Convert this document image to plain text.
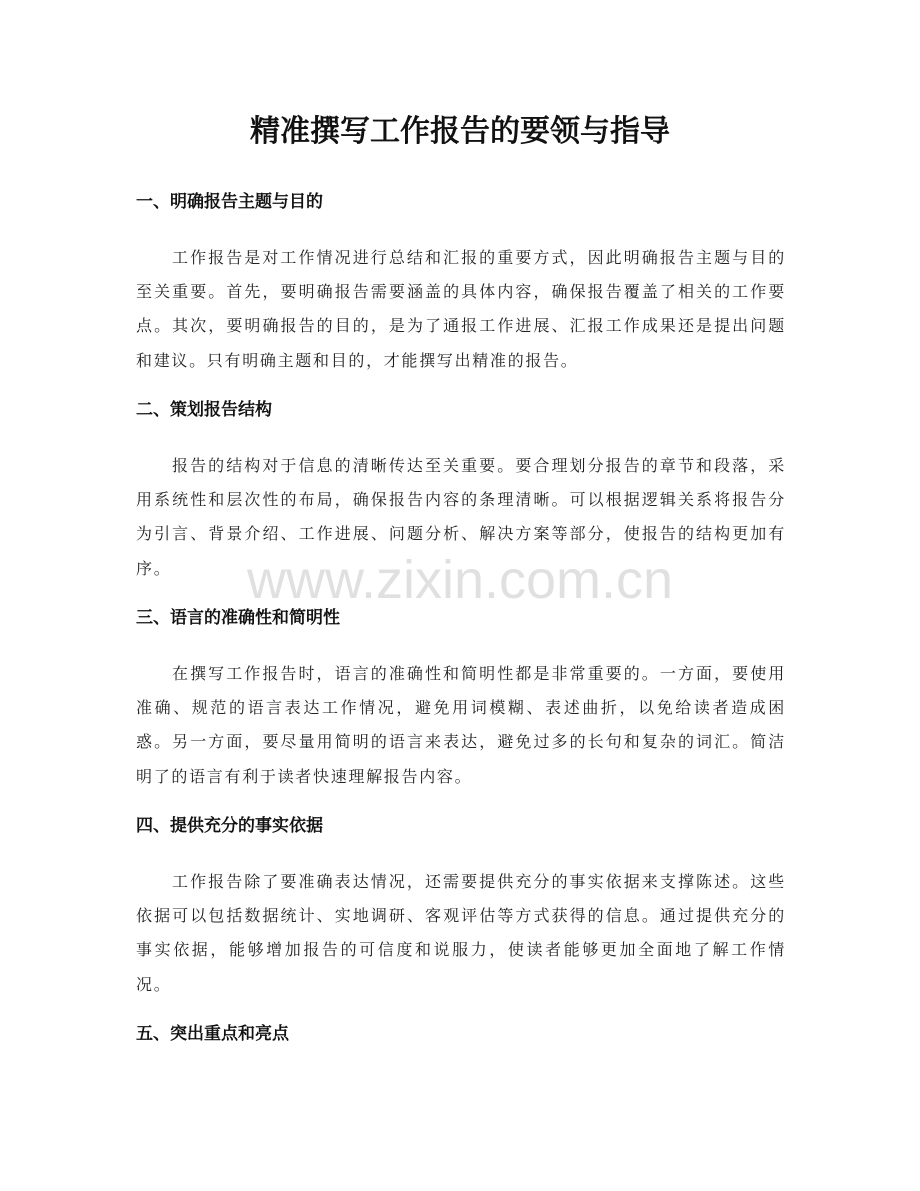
精准撰写工作报告的要领与指导
www.zixin.com.cn
一、明确报告主题与目的

工作报告是对工作情况进行总结和汇报的重要方式，因此明确报告主题与目的至关重要。首先，要明确报告需要涵盖的具体内容，确保报告覆盖了相关的工作要点。其次，要明确报告的目的，是为了通报工作进展、汇报工作成果还是提出问题和建议。只有明确主题和目的，才能撰写出精准的报告。

二、策划报告结构

报告的结构对于信息的清晰传达至关重要。要合理划分报告的章节和段落，采用系统性和层次性的布局，确保报告内容的条理清晰。可以根据逻辑关系将报告分为引言、背景介绍、工作进展、问题分析、解决方案等部分，使报告的结构更加有序。

三、语言的准确性和简明性

在撰写工作报告时，语言的准确性和简明性都是非常重要的。一方面，要使用准确、规范的语言表达工作情况，避免用词模糊、表述曲折，以免给读者造成困惑。另一方面，要尽量用简明的语言来表达，避免过多的长句和复杂的词汇。简洁明了的语言有利于读者快速理解报告内容。

四、提供充分的事实依据

工作报告除了要准确表达情况，还需要提供充分的事实依据来支撑陈述。这些依据可以包括数据统计、实地调研、客观评估等方式获得的信息。通过提供充分的事实依据，能够增加报告的可信度和说服力，使读者能够更加全面地了解工作情况。

五、突出重点和亮点
